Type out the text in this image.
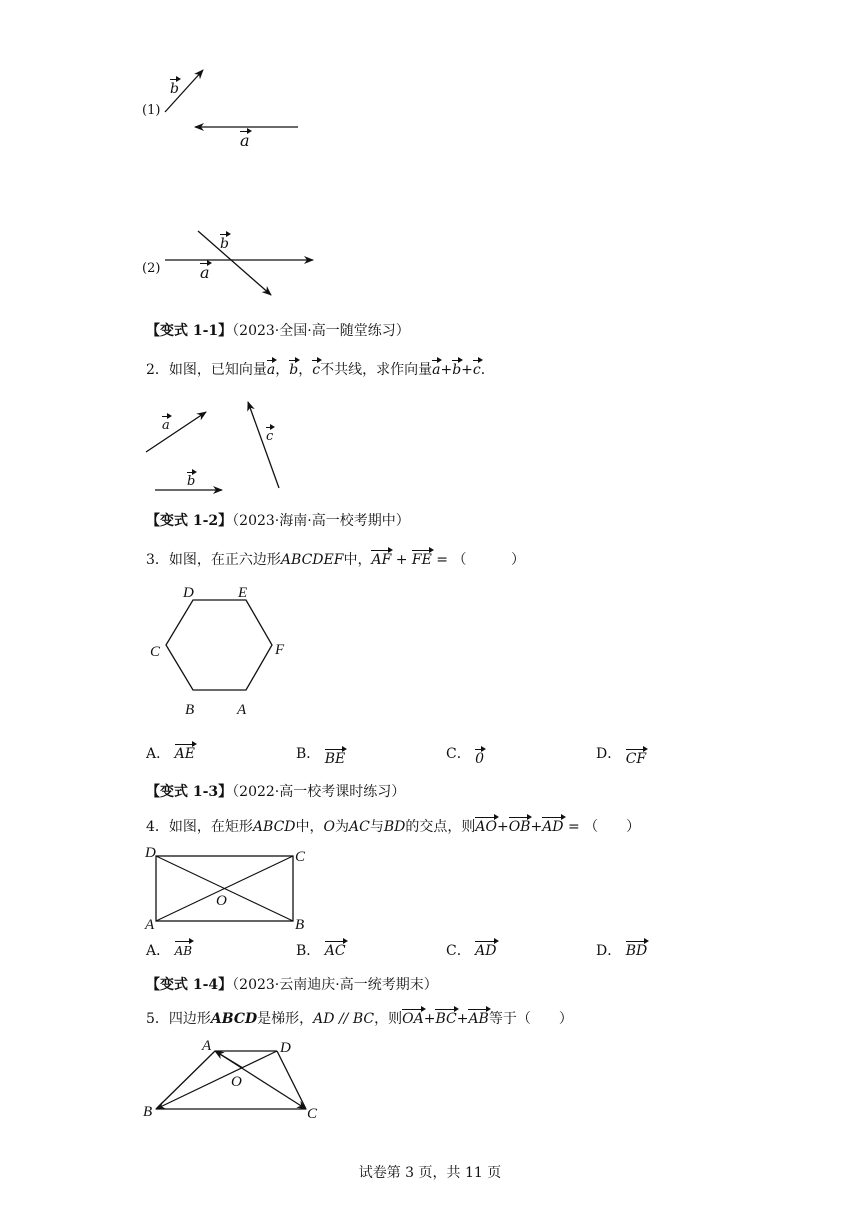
(1)
b
a
(2)
b
a
【变式 1-1】（2023·全国·高一随堂练习）
2．如图，已知向量a，b，c不共线，求作向量a+b+c．
a
b
c
【变式 1-2】（2023·海南·高一校考期中）
3．如图，在正六边形ABCDEF中，AF + FE = （	）
D	E
C	F
B	A
A． AE	B． BE	C． 0	D． CF
【变式 1-3】（2022·高一校考课时练习）
4．如图，在矩形ABCD中，O为AC与BD的交点，则AO+OB+AD = （　　）
D	C
O
A	B
A． AB	B． AC	C． AD	D． BD
【变式 1-4】（2023·云南迪庆·高一统考期末）
5．四边形ABCD是梯形，AD // BC，则OA+BC+AB等于（　　）
A	D
O
B	C
试卷第 3 页，共 11 页
